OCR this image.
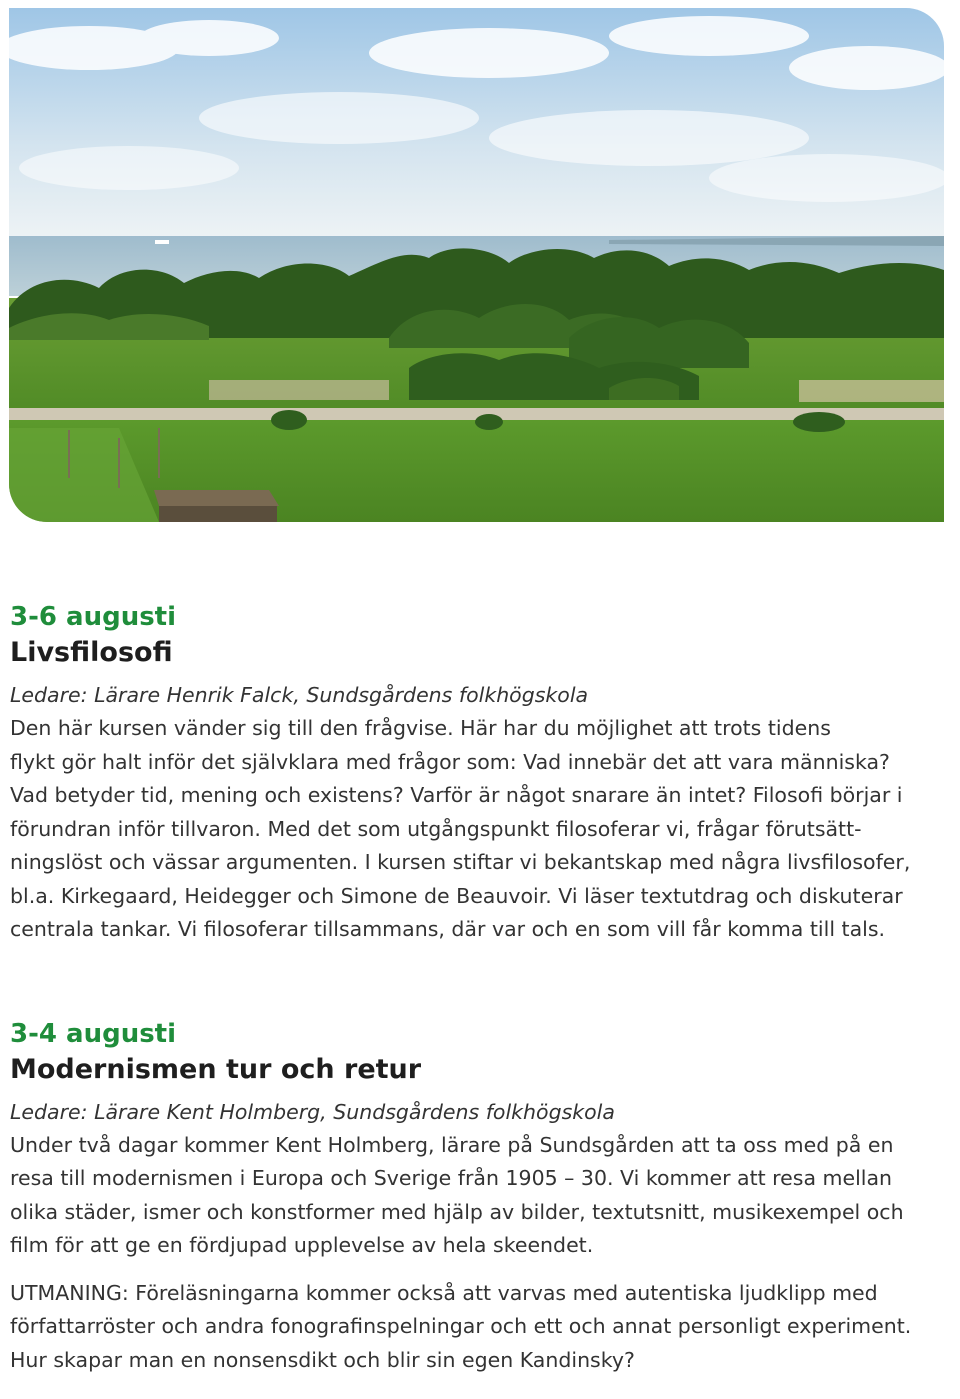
3-6 augusti
Livsfilosofi

Ledare: Lärare Henrik Falck, Sundsgårdens folkhögskola

Den här kursen vänder sig till den frågvise. Här har du möjlighet att trots tidens
flykt gör halt inför det självklara med frågor som: Vad innebär det att vara människa?
Vad betyder tid, mening och existens? Varför är något snarare än intet? Filosofi börjar i
förundran inför tillvaron. Med det som utgångspunkt filosoferar vi, frågar förutsätt-
ningslöst och vässar argumenten. I kursen stiftar vi bekantskap med några livsfilosofer,
bl.a. Kirkegaard, Heidegger och Simone de Beauvoir. Vi läser textutdrag och diskuterar
centrala tankar. Vi filosoferar tillsammans, där var och en som vill får komma till tals.

3-4 augusti
Modernismen tur och retur

Ledare: Lärare Kent Holmberg, Sundsgårdens folkhögskola

Under två dagar kommer Kent Holmberg, lärare på Sundsgården att ta oss med på en
resa till modernismen i Europa och Sverige från 1905 – 30. Vi kommer att resa mellan
olika städer, ismer och konstformer med hjälp av bilder, textutsnitt, musikexempel och
film för att ge en fördjupad upplevelse av hela skeendet.

UTMANING: Föreläsningarna kommer också att varvas med autentiska ljudklipp med
författarröster och andra fonografinspelningar och ett och annat personligt experiment.
Hur skapar man en nonsensdikt och blir sin egen Kandinsky?
